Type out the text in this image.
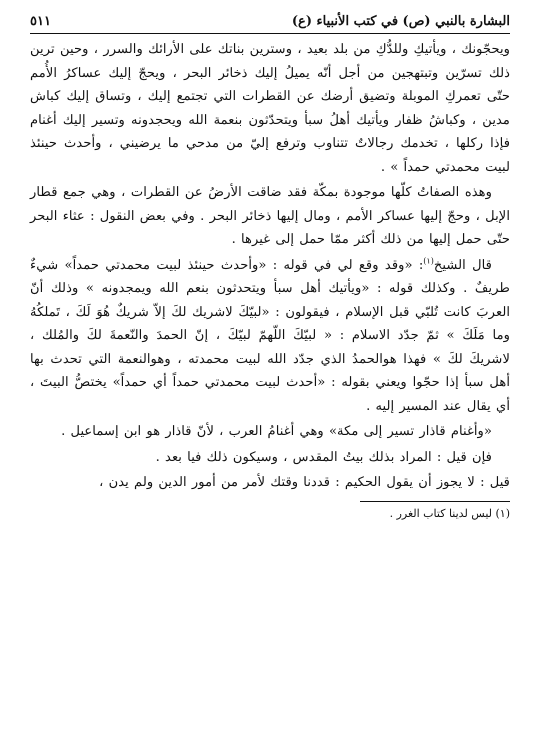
البشارة بالنبي (ص) في كتب الأنبياء (ع)
٥١١

ويحجّونك ، ويأتيكِ وللدُّكِ من بلد بعيد ، وسترين بناتك على الأرائك والسرر ، وحين ترين ذلك تسرّين وتبتهجين من أجل أنّه يميلُ إليك ذخائر البحر ، ويحجّ إليك عساكرُ الأُمم حتّى تعمركِ الموبلة وتضيق أرضك عن القطرات التي تجتمع إليك ، وتساق إليك كباش مدين ، وكباشُ ظفار ويأتيك أهلُ سبأ ويتحدّثون بنعمة الله ويحجدونه وتسير إليك أغنام فإذا ركلها ، تخدمك رجالاتٌ تتناوب وترفع إليّ من مدحي ما يرضيني ، وأحدث حينئذ لبيت محمدتي حمداً » .

وهذه الصفاتُ كلّها موجودة بمكّة فقد ضاقت الأرضُ عن القطرات ، وهي جمع قطار الإبل ، وحجّ إليها عساكر الأمم ، ومال إليها ذخائر البحر . وفي بعض النقول : عثاء البحر حتّى حمل إليها من ذلك أكثر ممّا حمل إلى غيرها .

قال الشيخ$^{(١)}$: «وقد وقع لي في قوله : «وأحدث حينئذ لبيت محمدتي حمداً» شيءٌ طريفٌ . وكذلك قوله : «ويأتيك أهل سبأ ويتحدثون بنعم الله ويمجدونه » وذلك أنّ العربَ كانت تُلبّي قبل الإسلام ، فيقولون : «لبيّكَ لاشريك لكَ إلاّ شريكٌ هُوَ لَكَ ، تَملكُهُ وما مَلَكَ » ثمّ جدّد الاسلام : « لبيّكَ اللّهمّ لبيّكَ ، إنّ الحمدَ والنّعمةَ لكَ والمُلك ، لاشريكَ لكَ » فهذا هوالحمدُ الذي جدّد الله لبيت محمدته ، وهوالنعمة التي تحدث بها أهل سبأ إذا حجّوا ويعني بقوله : «أحدث لبيت محمدتي حمداً أي حمداً» يختصُّ البيتَ ، أي يقال عند المسير إليه .

«وأغنام قاذار تسير إلى مكة» وهي أغنامُ العرب ، لأنّ قاذار هو ابن إسماعيل .

فإن قيل : المراد بذلك بيتُ المقدس ، وسيكون ذلك فيا بعد .

قيل : لا يجوز أن يقول الحكيم : قددنا وقتك لأمر من أمور الدين ولم يدن ،

(١) ليس لدينا كتاب الغرر .
